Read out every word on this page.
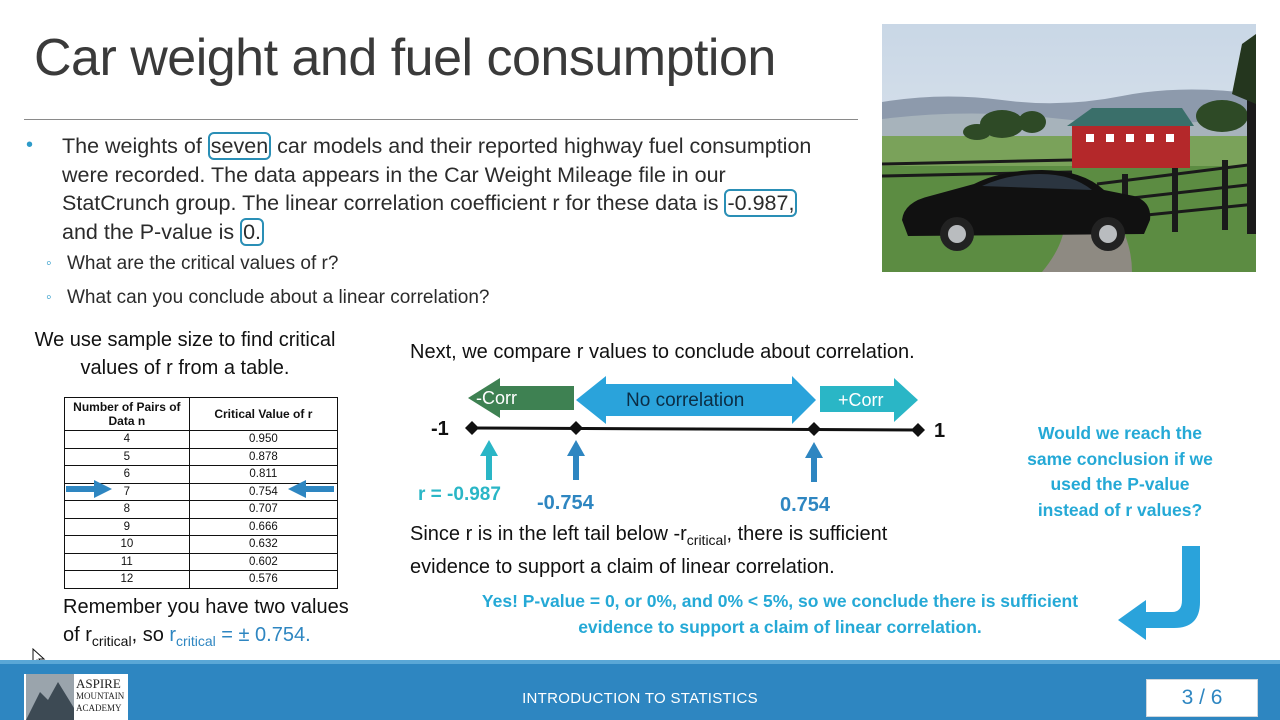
Car weight and fuel consumption
• The weights of seven car models and their reported highway fuel consumption were recorded. The data appears in the Car Weight Mileage file in our StatCrunch group. The linear correlation coefficient r for these data is -0.987, and the P-value is 0.
◦ What are the critical values of r?
◦ What can you conclude about a linear correlation?
We use sample size to find critical
values of r from a table.
Number of Pairs of Data n	Critical Value of r
4	0.950
5	0.878
6	0.811
7	0.754
8	0.707
9	0.666
10	0.632
11	0.602
12	0.576
Remember you have two values
of $r_{critical}$, so $r_{critical}$ = ± 0.754.
Next, we compare r values to conclude about correlation.
-Corr	No correlation	+Corr
-1	1
r = -0.987 -0.754	0.754
Since r is in the left tail below $-r_{critical}$, there is sufficient
evidence to support a claim of linear correlation.
Would we reach the
same conclusion if we
used the P-value
instead of r values?
Yes! P-value = 0, or 0%, and 0% < 5%, so we conclude there is sufficient
evidence to support a claim of linear correlation.
INTRODUCTION TO STATISTICS
ASPIRE
MOUNTAIN
ACADEMY	3 / 6
